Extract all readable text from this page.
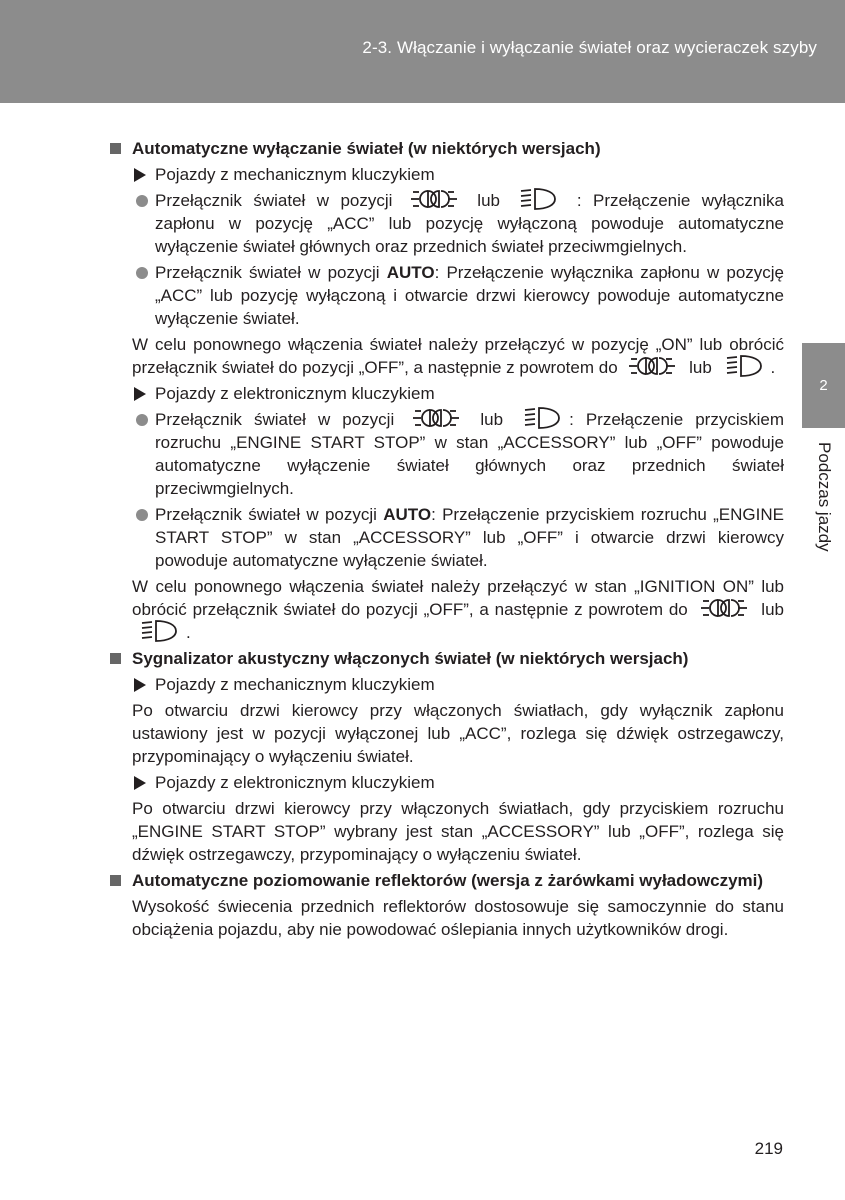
2-3. Włączanie i wyłączanie świateł oraz wycieraczek szyby
2
Podczas jazdy
Automatyczne wyłączanie świateł (w niektórych wersjach)
Pojazdy z mechanicznym kluczykiem
Przełącznik świateł w pozycji	lub	: Przełączenie wyłącznika zapłonu w pozycję „ACC” lub pozycję wyłączoną powoduje automatyczne wyłączenie świateł głównych oraz przednich świateł przeciwmgielnych.
Przełącznik świateł w pozycji AUTO: Przełączenie wyłącznika zapłonu w pozycję „ACC” lub pozycję wyłączoną i otwarcie drzwi kierowcy powoduje automatyczne wyłączenie świateł.
W celu ponownego włączenia świateł należy przełączyć w pozycję „ON” lub obrócić przełącznik świateł do pozycji „OFF”, a następnie z powrotem do	lub	.
Pojazdy z elektronicznym kluczykiem
Przełącznik świateł w pozycji	lub	: Przełączenie przyciskiem rozruchu „ENGINE START STOP” w stan „ACCESSORY” lub „OFF” powoduje automatyczne wyłączenie świateł głównych oraz przednich świateł przeciwmgielnych.
Przełącznik świateł w pozycji AUTO: Przełączenie przyciskiem rozruchu „ENGINE START STOP” w stan „ACCESSORY” lub „OFF” i otwarcie drzwi kierowcy powoduje automatyczne wyłączenie świateł.
W celu ponownego włączenia świateł należy przełączyć w stan „IGNITION ON” lub obrócić przełącznik świateł do pozycji „OFF”, a następnie z powrotem do	lub .
Sygnalizator akustyczny włączonych świateł (w niektórych wersjach)
Pojazdy z mechanicznym kluczykiem
Po otwarciu drzwi kierowcy przy włączonych światłach, gdy wyłącznik zapłonu ustawiony jest w pozycji wyłączonej lub „ACC”, rozlega się dźwięk ostrzegawczy, przypominający o wyłączeniu świateł.
Pojazdy z elektronicznym kluczykiem
Po otwarciu drzwi kierowcy przy włączonych światłach, gdy przyciskiem rozruchu „ENGINE START STOP” wybrany jest stan „ACCESSORY” lub „OFF”, rozlega się dźwięk ostrzegawczy, przypominający o wyłączeniu świateł.
Automatyczne poziomowanie reflektorów (wersja z żarówkami wyładowczymi)
Wysokość świecenia przednich reflektorów dostosowuje się samoczynnie do stanu obciążenia pojazdu, aby nie powodować oślepiania innych użytkowników drogi.
219
